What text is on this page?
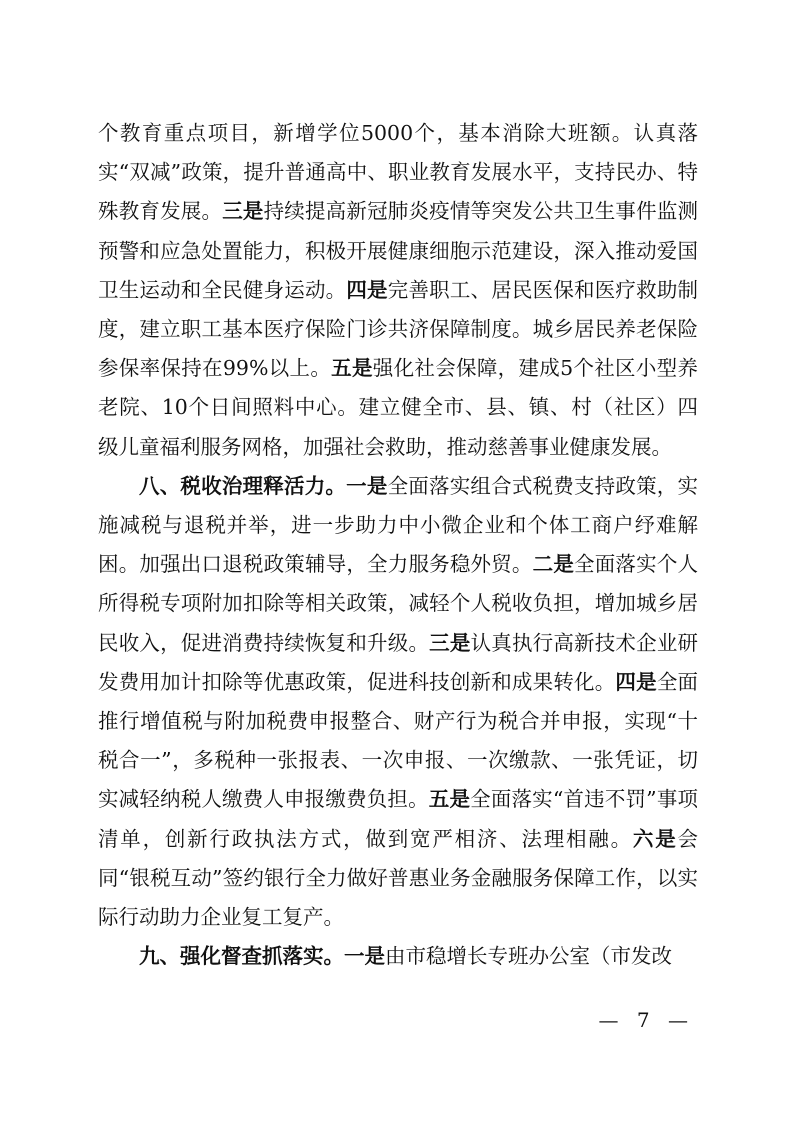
个教育重点项目，新增学位5000个，基本消除大班额。认真落实“双减”政策，提升普通高中、职业教育发展水平，支持民办、特殊教育发展。三是持续提高新冠肺炎疫情等突发公共卫生事件监测预警和应急处置能力，积极开展健康细胞示范建设，深入推动爱国卫生运动和全民健身运动。四是完善职工、居民医保和医疗救助制度，建立职工基本医疗保险门诊共济保障制度。城乡居民养老保险参保率保持在99%以上。五是强化社会保障，建成5个社区小型养老院、10个日间照料中心。建立健全市、县、镇、村（社区）四级儿童福利服务网格，加强社会救助，推动慈善事业健康发展。

八、税收治理释活力。一是全面落实组合式税费支持政策，实施减税与退税并举，进一步助力中小微企业和个体工商户纾难解困。加强出口退税政策辅导，全力服务稳外贸。二是全面落实个人所得税专项附加扣除等相关政策，减轻个人税收负担，增加城乡居民收入，促进消费持续恢复和升级。三是认真执行高新技术企业研发费用加计扣除等优惠政策，促进科技创新和成果转化。四是全面推行增值税与附加税费申报整合、财产行为税合并申报，实现“十税合一”，多税种一张报表、一次申报、一次缴款、一张凭证，切实减轻纳税人缴费人申报缴费负担。五是全面落实“首违不罚”事项清单，创新行政执法方式，做到宽严相济、法理相融。六是会同“银税互动”签约银行全力做好普惠业务金融服务保障工作，以实际行动助力企业复工复产。

九、强化督查抓落实。一是由市稳增长专班办公室（市发改

— 7 —
